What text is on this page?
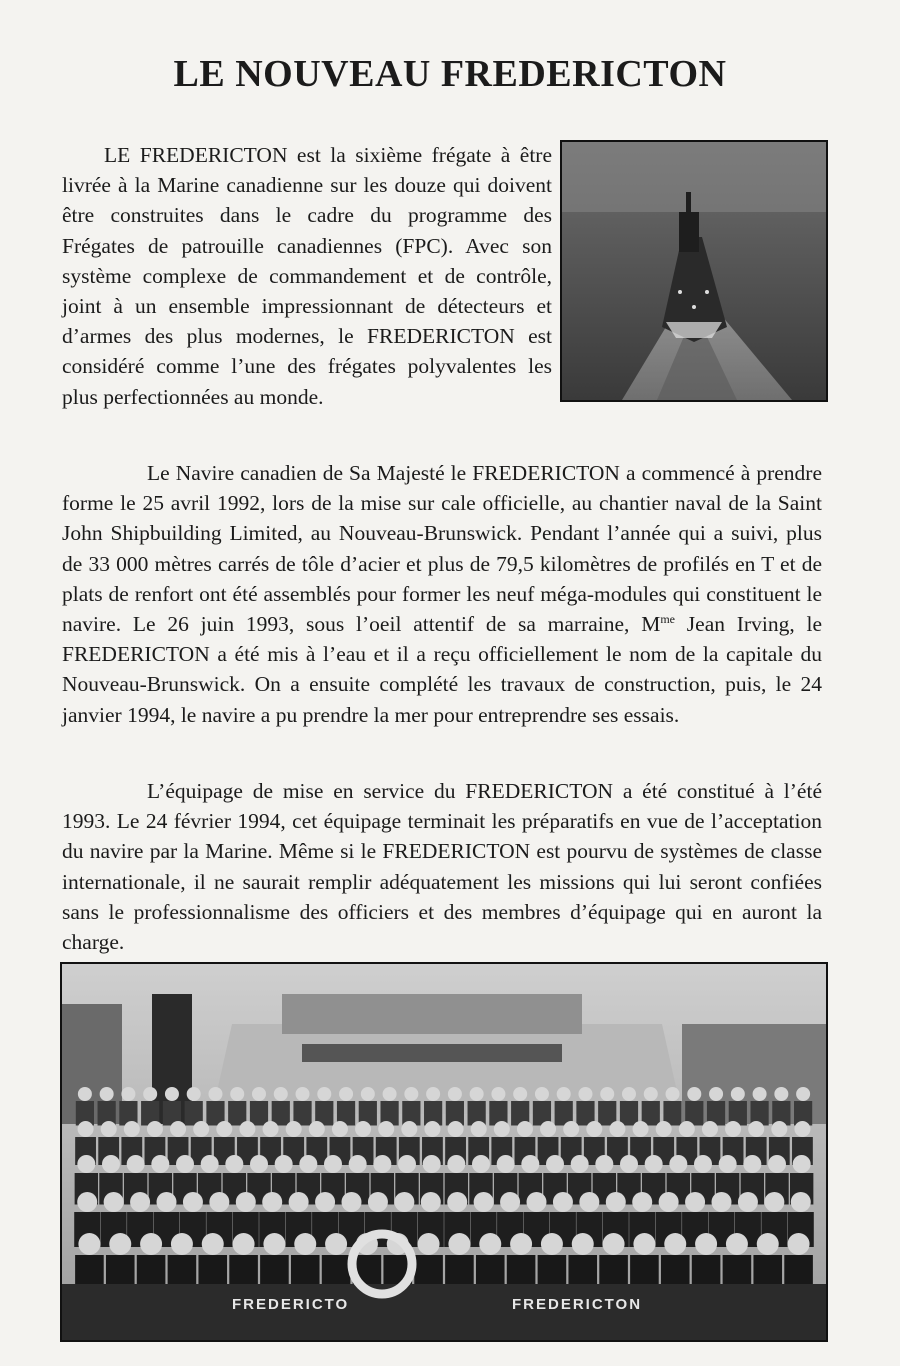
LE NOUVEAU FREDERICTON

LE FREDERICTON est la sixième frégate à être livrée à la Marine canadienne sur les douze qui doivent être construites dans le cadre du programme des Frégates de patrouille canadiennes (FPC). Avec son système complexe de commandement et de contrôle, joint à un ensemble impressionnant de détecteurs et d’armes des plus modernes, le FREDERICTON est considéré comme l’une des frégates polyvalentes les plus perfectionnées au monde.

Le Navire canadien de Sa Majesté le FREDERICTON a commencé à prendre forme le 25 avril 1992, lors de la mise sur cale officielle, au chantier naval de la Saint John Shipbuilding Limited, au Nouveau-Brunswick. Pendant l’année qui a suivi, plus de 33 000 mètres carrés de tôle d’acier et plus de 79,5 kilomètres de profilés en T et de plats de renfort ont été assemblés pour former les neuf méga-modules qui constituent le navire. Le 26 juin 1993, sous l’oeil attentif de sa marraine, $M^{me}$ Jean Irving, le FREDERICTON a été mis à l’eau et il a reçu officiellement le nom de la capitale du Nouveau-Brunswick. On a ensuite complété les travaux de construction, puis, le 24 janvier 1994, le navire a pu prendre la mer pour entreprendre ses essais.

L’équipage de mise en service du FREDERICTON a été constitué à l’été 1993. Le 24 février 1994, cet équipage terminait les préparatifs en vue de l’acceptation du navire par la Marine. Même si le FREDERICTON est pourvu de systèmes de classe internationale, il ne saurait remplir adéquatement les missions qui lui seront confiées sans le professionnalisme des officiers et des membres d’équipage qui en auront la charge.

FREDERICTO	FREDERICTON
